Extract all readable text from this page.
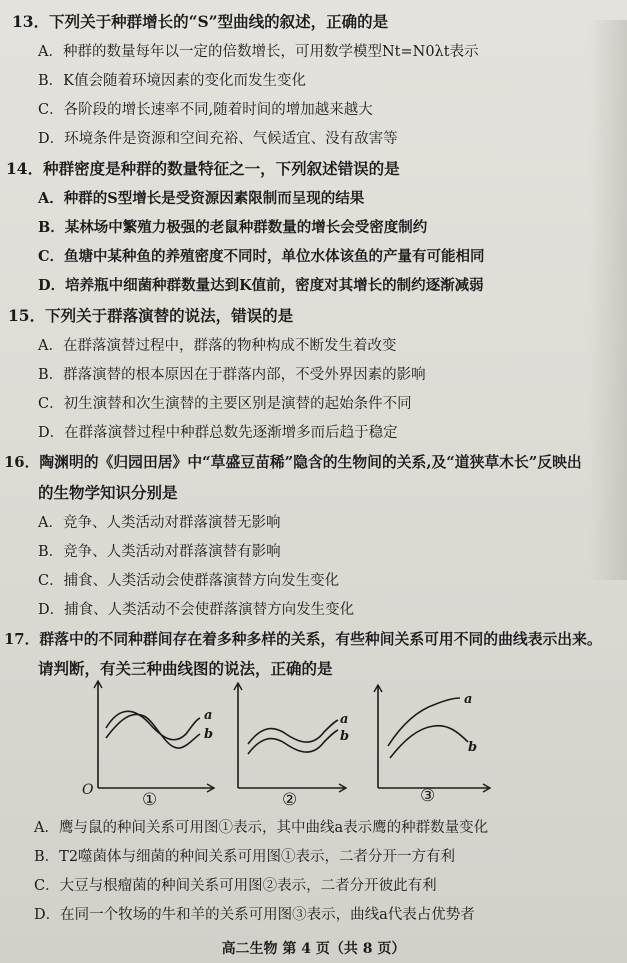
13．下列关于种群增长的“S”型曲线的叙述，正确的是
A．种群的数量每年以一定的倍数增长，可用数学模型Nt=N0λt表示
B．K值会随着环境因素的变化而发生变化
C．各阶段的增长速率不同,随着时间的增加越来越大
D．环境条件是资源和空间充裕、气候适宜、没有敌害等
14．种群密度是种群的数量特征之一，下列叙述错误的是
A．种群的S型增长是受资源因素限制而呈现的结果
B．某林场中繁殖力极强的老鼠种群数量的增长会受密度制约
C．鱼塘中某种鱼的养殖密度不同时，单位水体该鱼的产量有可能相同
D．培养瓶中细菌种群数量达到K值前，密度对其增长的制约逐渐减弱
15．下列关于群落演替的说法，错误的是
A．在群落演替过程中，群落的物种构成不断发生着改变
B．群落演替的根本原因在于群落内部，不受外界因素的影响
C．初生演替和次生演替的主要区别是演替的起始条件不同
D．在群落演替过程中种群总数先逐渐增多而后趋于稳定
16．陶渊明的《归园田居》中“草盛豆苗稀”隐含的生物间的关系,及“道狭草木长”反映出
的生物学知识分别是
A．竞争、人类活动对群落演替无影响
B．竞争、人类活动对群落演替有影响
C．捕食、人类活动会使群落演替方向发生变化
D．捕食、人类活动不会使群落演替方向发生变化
17．群落中的不同种群间存在着多种多样的关系，有些种间关系可用不同的曲线表示出来。
请判断，有关三种曲线图的说法，正确的是
a
b
O	①
a
b
②
a
b
③
A．鹰与鼠的种间关系可用图①表示，其中曲线a表示鹰的种群数量变化
B．T2噬菌体与细菌的种间关系可用图①表示，二者分开一方有利
C．大豆与根瘤菌的种间关系可用图②表示，二者分开彼此有利
D．在同一个牧场的牛和羊的关系可用图③表示，曲线a代表占优势者
高二生物 第 4 页（共 8 页）
